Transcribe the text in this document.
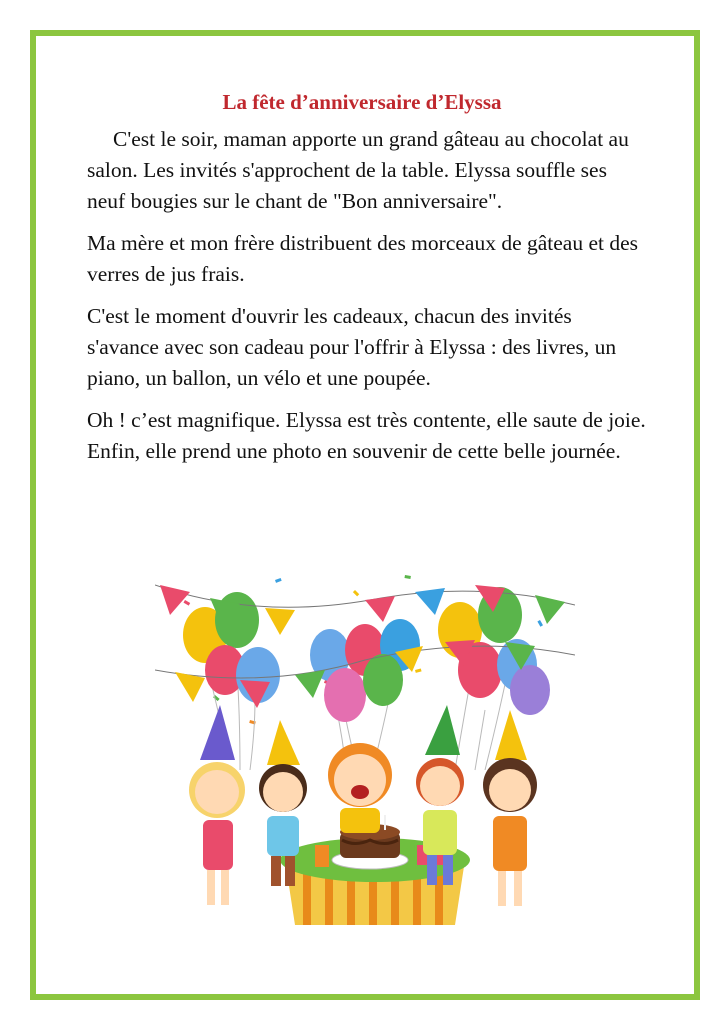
La fête d’anniversaire d’Elyssa

C'est le soir, maman apporte un grand gâteau au chocolat au salon. Les invités s'approchent de la table. Elyssa souffle ses neuf bougies sur le chant de "Bon anniversaire".

Ma mère et mon frère distribuent des morceaux de gâteau et des verres de jus frais.

C'est le moment d'ouvrir les cadeaux, chacun des invités s'avance avec son cadeau pour l'offrir à Elyssa : des livres, un piano, un ballon, un vélo et une poupée.

Oh ! c’est magnifique. Elyssa est très contente, elle saute de joie. Enfin, elle prend une photo en souvenir de cette belle journée.
